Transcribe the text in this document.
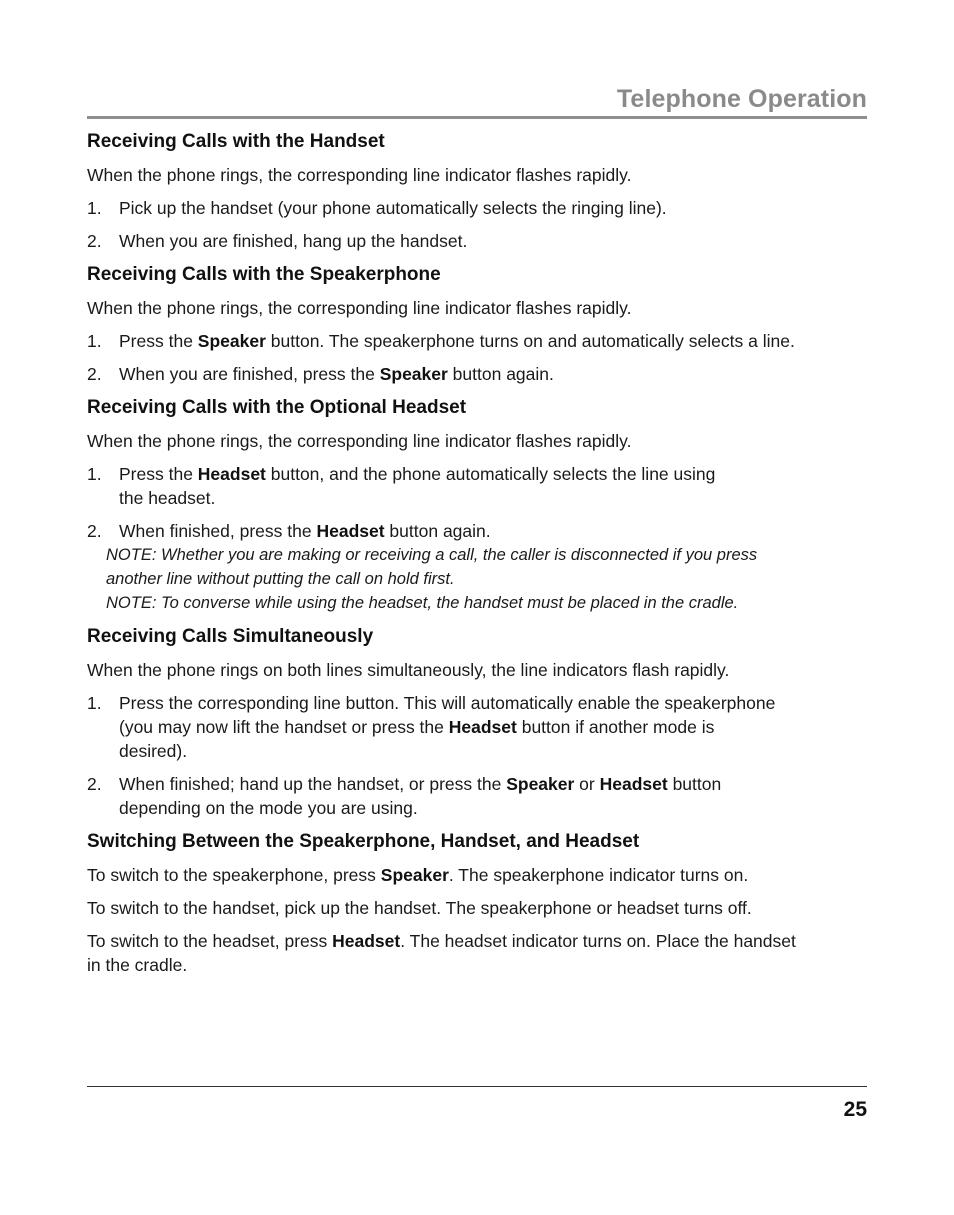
Telephone Operation
Receiving Calls with the Handset

When the phone rings, the corresponding line indicator flashes rapidly.

1. Pick up the handset (your phone automatically selects the ringing line).
2. When you are finished, hang up the handset.
Receiving Calls with the Speakerphone

When the phone rings, the corresponding line indicator flashes rapidly.

1. Press the Speaker button. The speakerphone turns on and automatically selects a line.
2. When you are finished, press the Speaker button again.
Receiving Calls with the Optional Headset

When the phone rings, the corresponding line indicator flashes rapidly.

1. Press the Headset button, and the phone automatically selects the line using
the headset.
2. When finished, press the Headset button again.
NOTE: Whether you are making or receiving a call, the caller is disconnected if you press
another line without putting the call on hold first.
NOTE: To converse while using the headset, the handset must be placed in the cradle.
Receiving Calls Simultaneously

When the phone rings on both lines simultaneously, the line indicators flash rapidly.

1. Press the corresponding line button. This will automatically enable the speakerphone
(you may now lift the handset or press the Headset button if another mode is
desired).
2. When finished; hand up the handset, or press the Speaker or Headset button
depending on the mode you are using.
Switching Between the Speakerphone, Handset, and Headset

To switch to the speakerphone, press Speaker. The speakerphone indicator turns on.

To switch to the handset, pick up the handset. The speakerphone or headset turns off.

To switch to the headset, press Headset. The headset indicator turns on. Place the handset
in the cradle.

25
